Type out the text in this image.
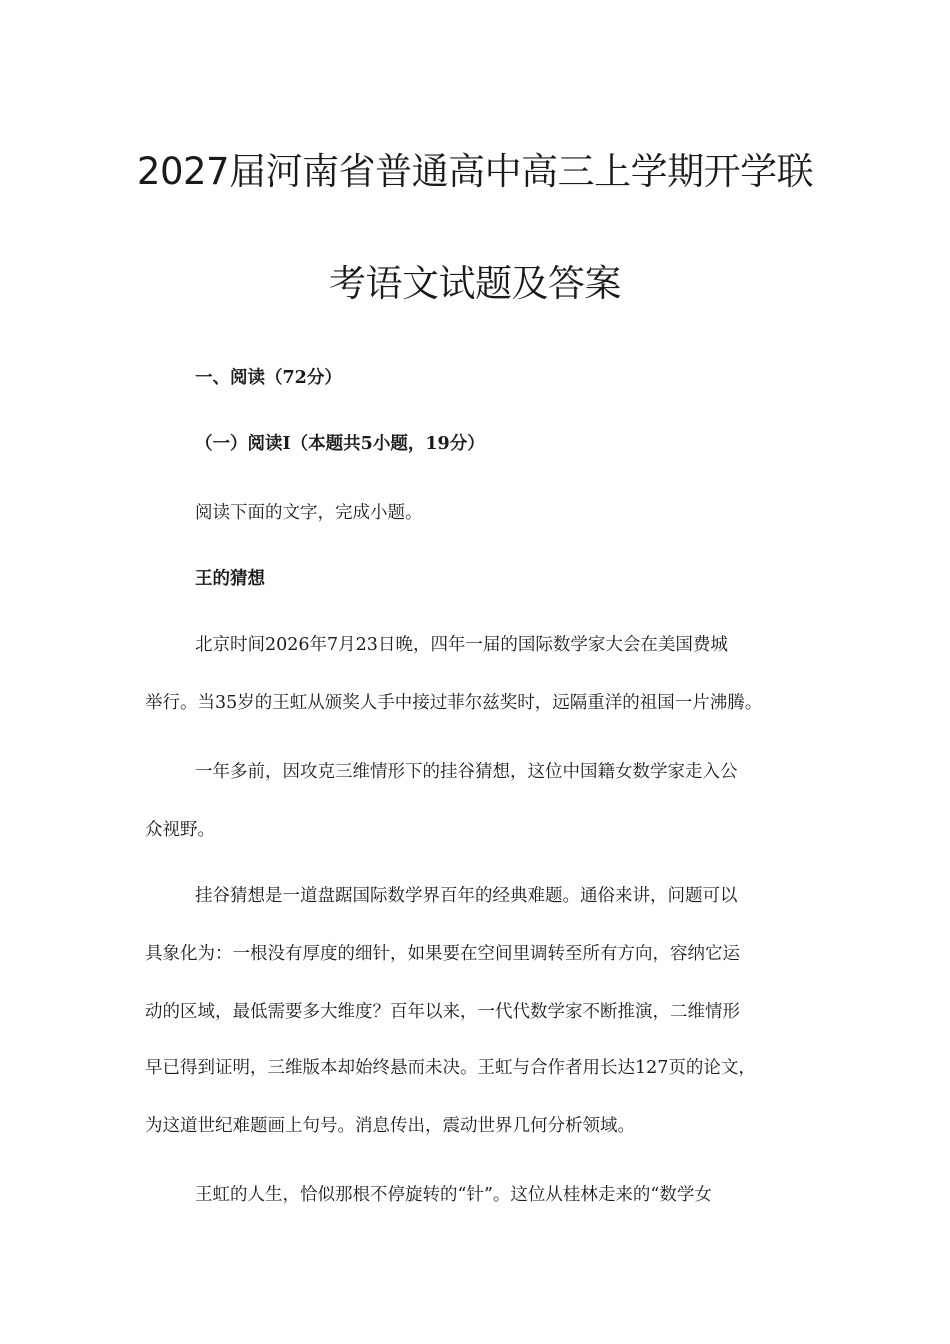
2027届河南省普通高中高三上学期开学联
考语文试题及答案
一、阅读（72分）
（一）阅读Ⅰ（本题共5小题，19分）
阅读下面的文字，完成小题。
王的猜想
北京时间2026年7月23日晚，四年一届的国际数学家大会在美国费城
举行。当35岁的王虹从颁奖人手中接过菲尔兹奖时，远隔重洋的祖国一片沸腾。
一年多前，因攻克三维情形下的挂谷猜想，这位中国籍女数学家走入公
众视野。
挂谷猜想是一道盘踞国际数学界百年的经典难题。通俗来讲，问题可以
具象化为：一根没有厚度的细针，如果要在空间里调转至所有方向，容纳它运
动的区域，最低需要多大维度？百年以来，一代代数学家不断推演，二维情形
早已得到证明，三维版本却始终悬而未决。王虹与合作者用长达127页的论文，
为这道世纪难题画上句号。消息传出，震动世界几何分析领域。
王虹的人生，恰似那根不停旋转的“针”。这位从桂林走来的“数学女
